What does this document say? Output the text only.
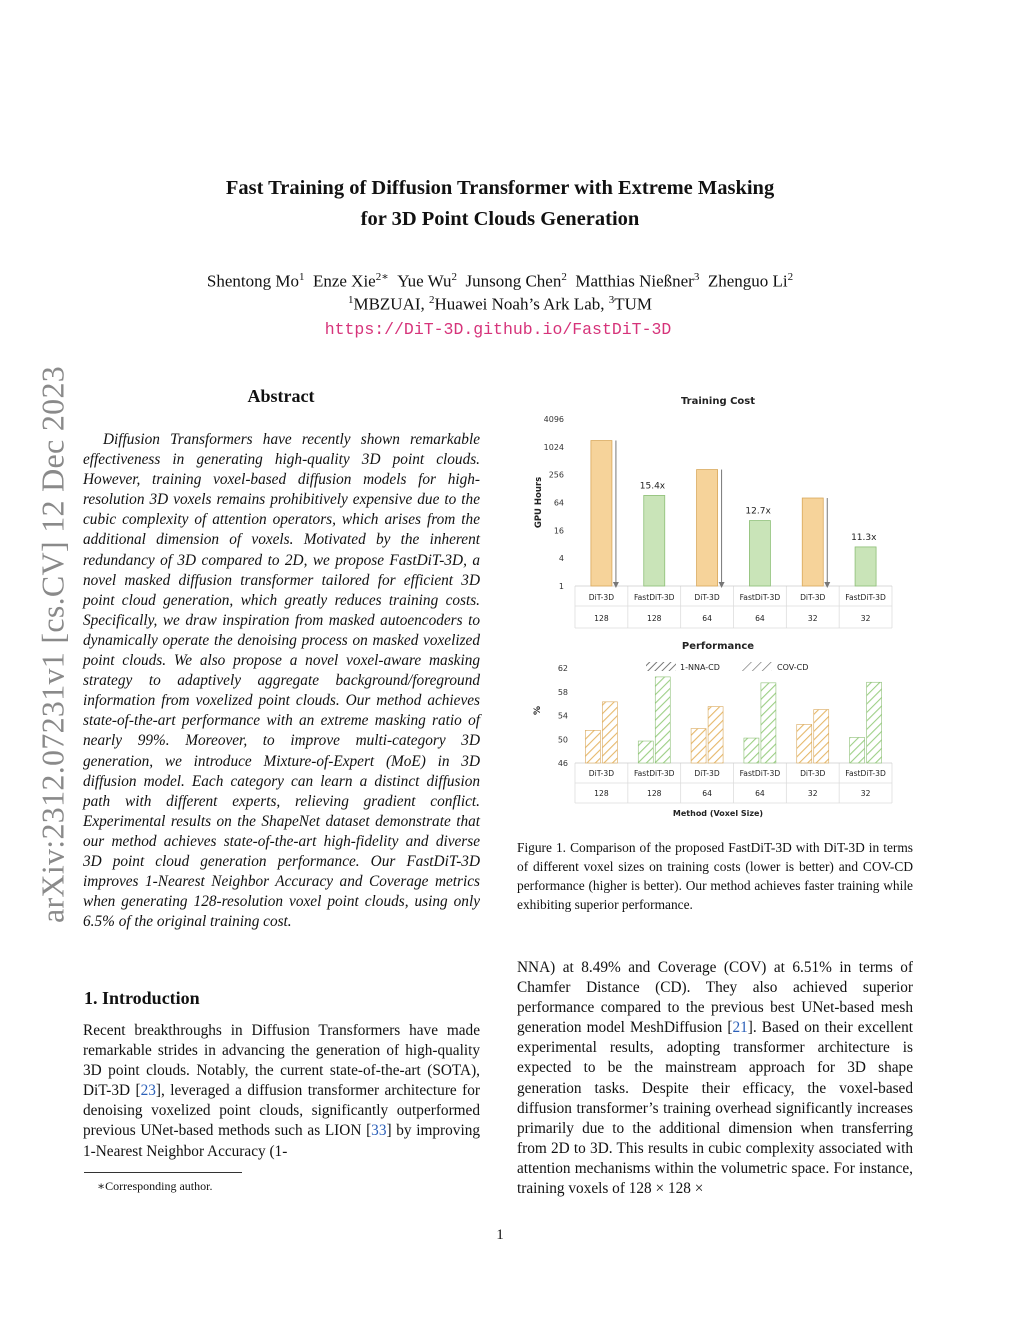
arXiv:2312.07231v1 [cs.CV] 12 Dec 2023
Fast Training of Diffusion Transformer with Extreme Masking
for 3D Point Clouds Generation
Shentong Mo$^1$ Enze Xie$^{2∗}$ Yue Wu$^2$ Junsong Chen$^2$ Matthias Nießner$^3$ Zhenguo Li$^2$
$^1$MBZUAI, $^2$Huawei Noah’s Ark Lab, $^3$TUM
https://DiT-3D.github.io/FastDiT-3D
Abstract

Diffusion Transformers have recently shown remarkable effectiveness in generating high-quality 3D point clouds. However, training voxel-based diffusion models for high-resolution 3D voxels remains prohibitively expensive due to the cubic complexity of attention operators, which arises from the additional dimension of voxels. Motivated by the inherent redundancy of 3D compared to 2D, we propose FastDiT-3D, a novel masked diffusion transformer tailored for efficient 3D point cloud generation, which greatly reduces training costs. Specifically, we draw inspiration from masked autoencoders to dynamically operate the denoising process on masked voxelized point clouds. We also propose a novel voxel-aware masking strategy to adaptively aggregate background/foreground information from voxelized point clouds. Our method achieves state-of-the-art performance with an extreme masking ratio of nearly 99%. Moreover, to improve multi-category 3D generation, we introduce Mixture-of-Expert (MoE) in 3D diffusion model. Each category can learn a distinct diffusion path with different experts, relieving gradient conflict. Experimental results on the ShapeNet dataset demonstrate that our method achieves state-of-the-art high-fidelity and diverse 3D point cloud generation performance. Our FastDiT-3D improves 1-Nearest Neighbor Accuracy and Coverage metrics when generating 128-resolution voxel point clouds, using only 6.5% of the original training cost.

1. Introduction

Recent breakthroughs in Diffusion Transformers have made remarkable strides in advancing the generation of high-quality 3D point clouds. Notably, the current state-of-the-art (SOTA), DiT-3D [23], leveraged a diffusion transformer architecture for denoising voxelized point clouds, significantly outperformed previous UNet-based methods such as LION [33] by improving 1-Nearest Neighbor Accuracy (1-

∗Corresponding author.
Training Cost
GPU Hours
4096
1024
256
64
16
4
1
DiT-3D
128
FastDiT-3D
128
DiT-3D
64
FastDiT-3D
64
DiT-3D
32
FastDiT-3D
32
15.4x
12.7x
11.3x
Performance
%
62
58
54
50
46
1-NNA-CD	COV-CD
DiT-3D
128
FastDiT-3D
128
DiT-3D
64
FastDiT-3D
64
DiT-3D
32
FastDiT-3D
32
Method (Voxel Size)

Figure 1. Comparison of the proposed FastDiT-3D with DiT-3D in terms of different voxel sizes on training costs (lower is better) and COV-CD performance (higher is better). Our method achieves faster training while exhibiting superior performance.

NNA) at 8.49% and Coverage (COV) at 6.51% in terms of Chamfer Distance (CD). They also achieved superior performance compared to the previous best UNet-based mesh generation model MeshDiffusion [21]. Based on their excellent experimental results, adopting transformer architecture is expected to be the mainstream approach for 3D shape generation tasks. Despite their efficacy, the voxel-based diffusion transformer’s training overhead significantly increases primarily due to the additional dimension when transferring from 2D to 3D. This results in cubic complexity associated with attention mechanisms within the volumetric space. For instance, training voxels of 128 × 128 ×

1
